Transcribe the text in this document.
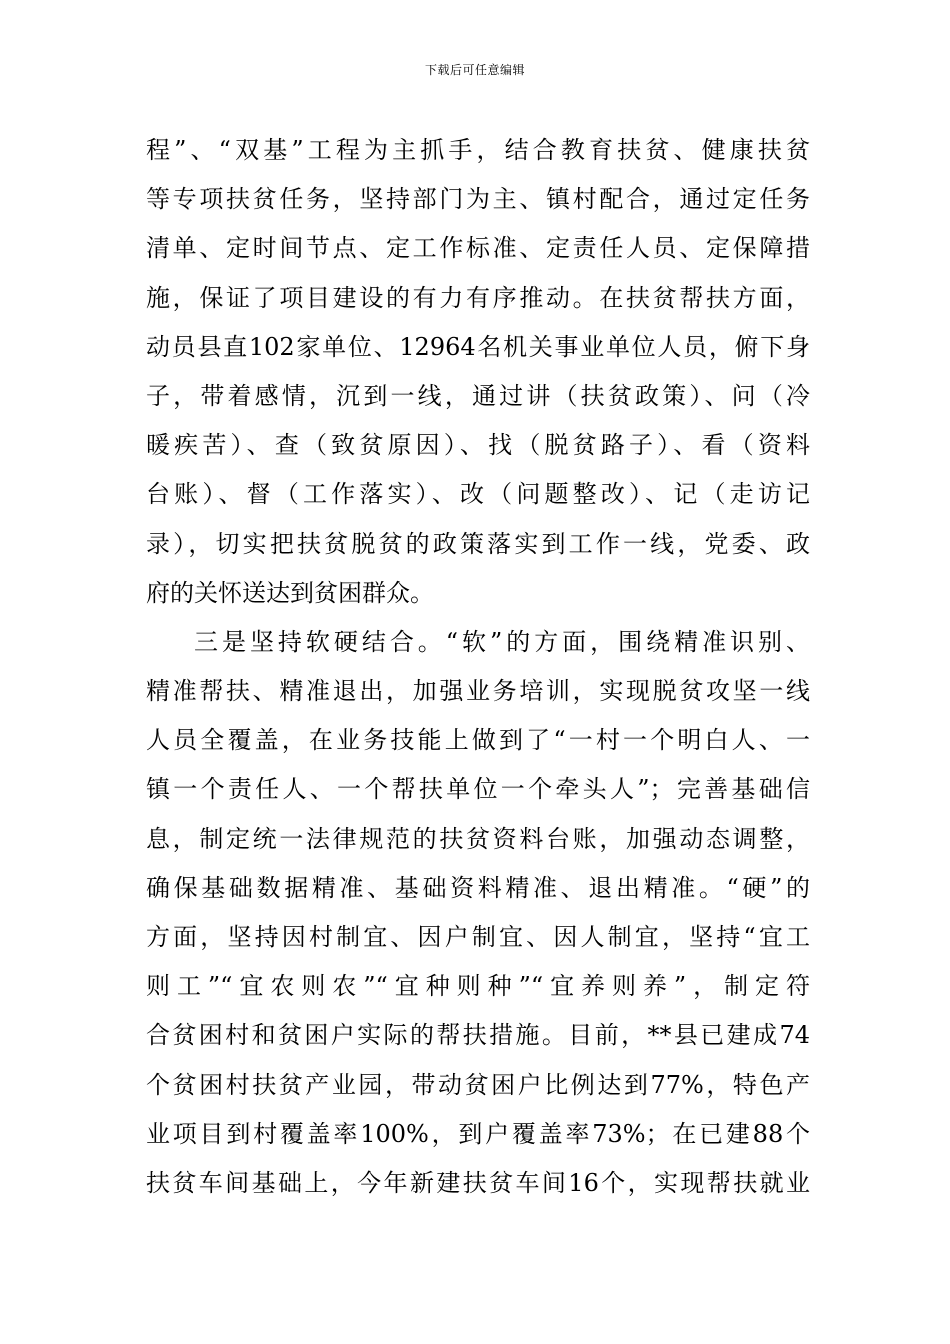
下载后可任意编辑
程”、“双基”工程为主抓手，结合教育扶贫、健康扶贫
等专项扶贫任务，坚持部门为主、镇村配合，通过定任务
清单、定时间节点、定工作标准、定责任人员、定保障措
施，保证了项目建设的有力有序推动。在扶贫帮扶方面，
动员县直102家单位、12964名机关事业单位人员，俯下身
子，带着感情，沉到一线，通过讲（扶贫政策）、问（冷
暖疾苦）、查（致贫原因）、找（脱贫路子）、看（资料
台账）、督（工作落实）、改（问题整改）、记（走访记
录），切实把扶贫脱贫的政策落实到工作一线，党委、政
府的关怀送达到贫困群众。
三是坚持软硬结合。“软”的方面，围绕精准识别、
精准帮扶、精准退出，加强业务培训，实现脱贫攻坚一线
人员全覆盖，在业务技能上做到了“一村一个明白人、一
镇一个责任人、一个帮扶单位一个牵头人”；完善基础信
息，制定统一法律规范的扶贫资料台账，加强动态调整，
确保基础数据精准、基础资料精准、退出精准。“硬”的
方面，坚持因村制宜、因户制宜、因人制宜，坚持“宜工
则工”“宜农则农”“宜种则种”“宜养则养”，制定符
合贫困村和贫困户实际的帮扶措施。目前，**县已建成74
个贫困村扶贫产业园，带动贫困户比例达到77%，特色产
业项目到村覆盖率100%，到户覆盖率73%；在已建88个
扶贫车间基础上，今年新建扶贫车间16个，实现帮扶就业
